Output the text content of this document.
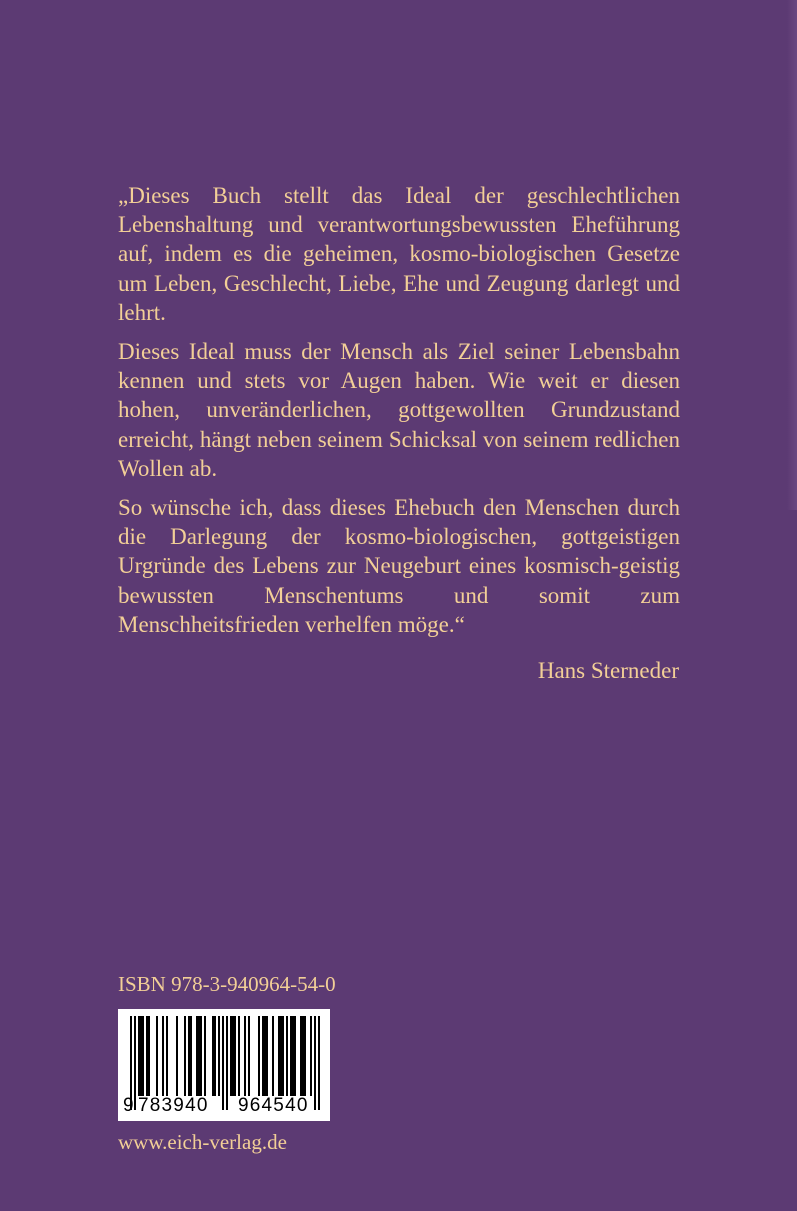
„Dieses Buch stellt das Ideal der geschlechtlichen Lebenshaltung und verantwortungsbewussten Eheführung auf, indem es die geheimen, kosmo-biologischen Gesetze um Leben, Geschlecht, Liebe, Ehe und Zeugung darlegt und lehrt.

Dieses Ideal muss der Mensch als Ziel seiner Lebensbahn kennen und stets vor Augen haben. Wie weit er diesen hohen, unveränderlichen, gottgewollten Grundzustand erreicht, hängt neben seinem Schicksal von seinem redlichen Wollen ab.

So wünsche ich, dass dieses Ehebuch den Menschen durch die Darlegung der kosmo-biologischen, gottgeistigen Urgründe des Lebens zur Neugeburt eines kosmisch-geistig bewussten Menschentums und somit zum Menschheitsfrieden verhelfen möge.“

Hans Sterneder
ISBN 978-3-940964-54-0
9 783940 964540
www.eich-verlag.de
